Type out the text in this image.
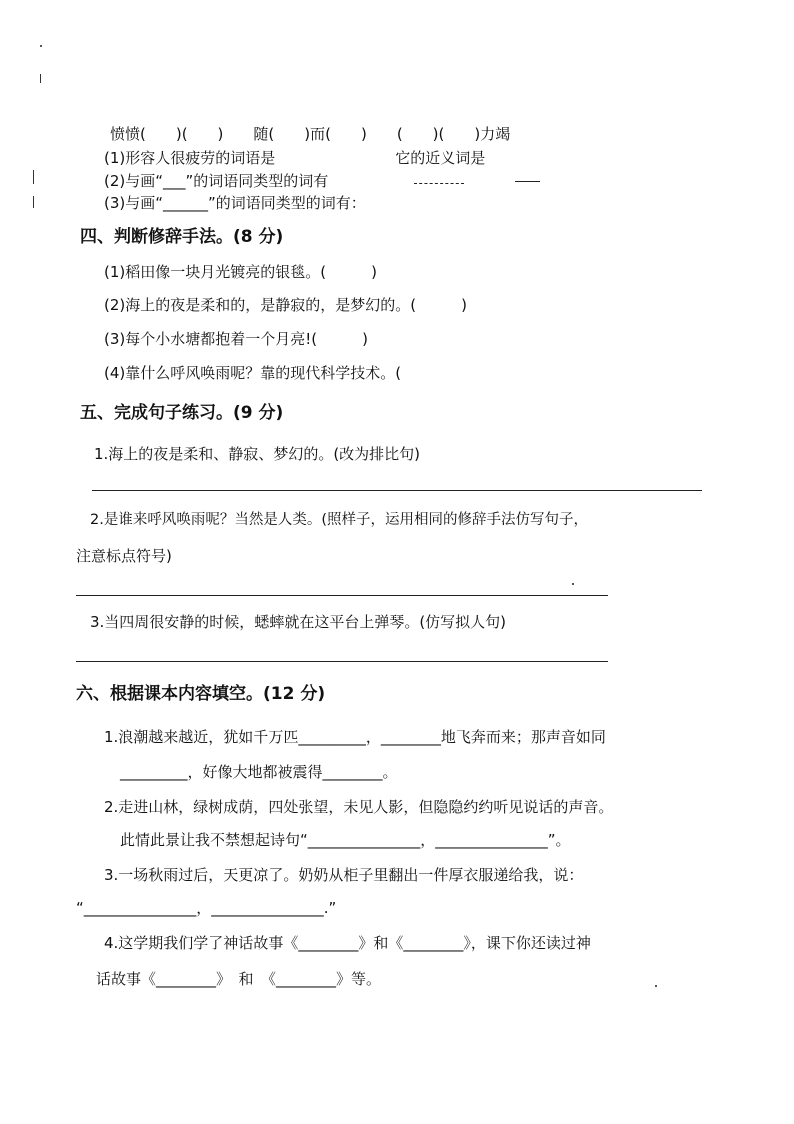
愤愤(　　)(　　)　　随(　　)而(　　)　　(　　)(　　)力竭
(1)形容人很疲劳的词语是　　　　　　　　它的近义词是
(2)与画“___”的词语同类型的词有
(3)与画“______”的词语同类型的词有：
四、判断修辞手法。(8 分)
(1)稻田像一块月光镀亮的银毯。(　　　)
(2)海上的夜是柔和的，是静寂的，是梦幻的。(　　　)
(3)每个小水塘都抱着一个月亮!(　　　)
(4)靠什么呼风唤雨呢？靠的现代科学技术。(
五、完成句子练习。(9 分)
1.海上的夜是柔和、静寂、梦幻的。(改为排比句)
2.是谁来呼风唤雨呢？当然是人类。(照样子，运用相同的修辞手法仿写句子，
注意标点符号)
3.当四周很安静的时候，蟋蟀就在这平台上弹琴。(仿写拟人句)
六、根据课本内容填空。(12 分)
1.浪潮越来越近，犹如千万匹_________，________地飞奔而来；那声音如同
_________，好像大地都被震得________。
2.走进山林，绿树成荫，四处张望，未见人影，但隐隐约约听见说话的声音。
此情此景让我不禁想起诗句“_______________，_______________”。
3.一场秋雨过后，天更凉了。奶奶从柜子里翻出一件厚衣服递给我，说：
“_______________，_______________.”
4.这学期我们学了神话故事《________》和《________》，课下你还读过神
话故事《________》　和　《________》等。
